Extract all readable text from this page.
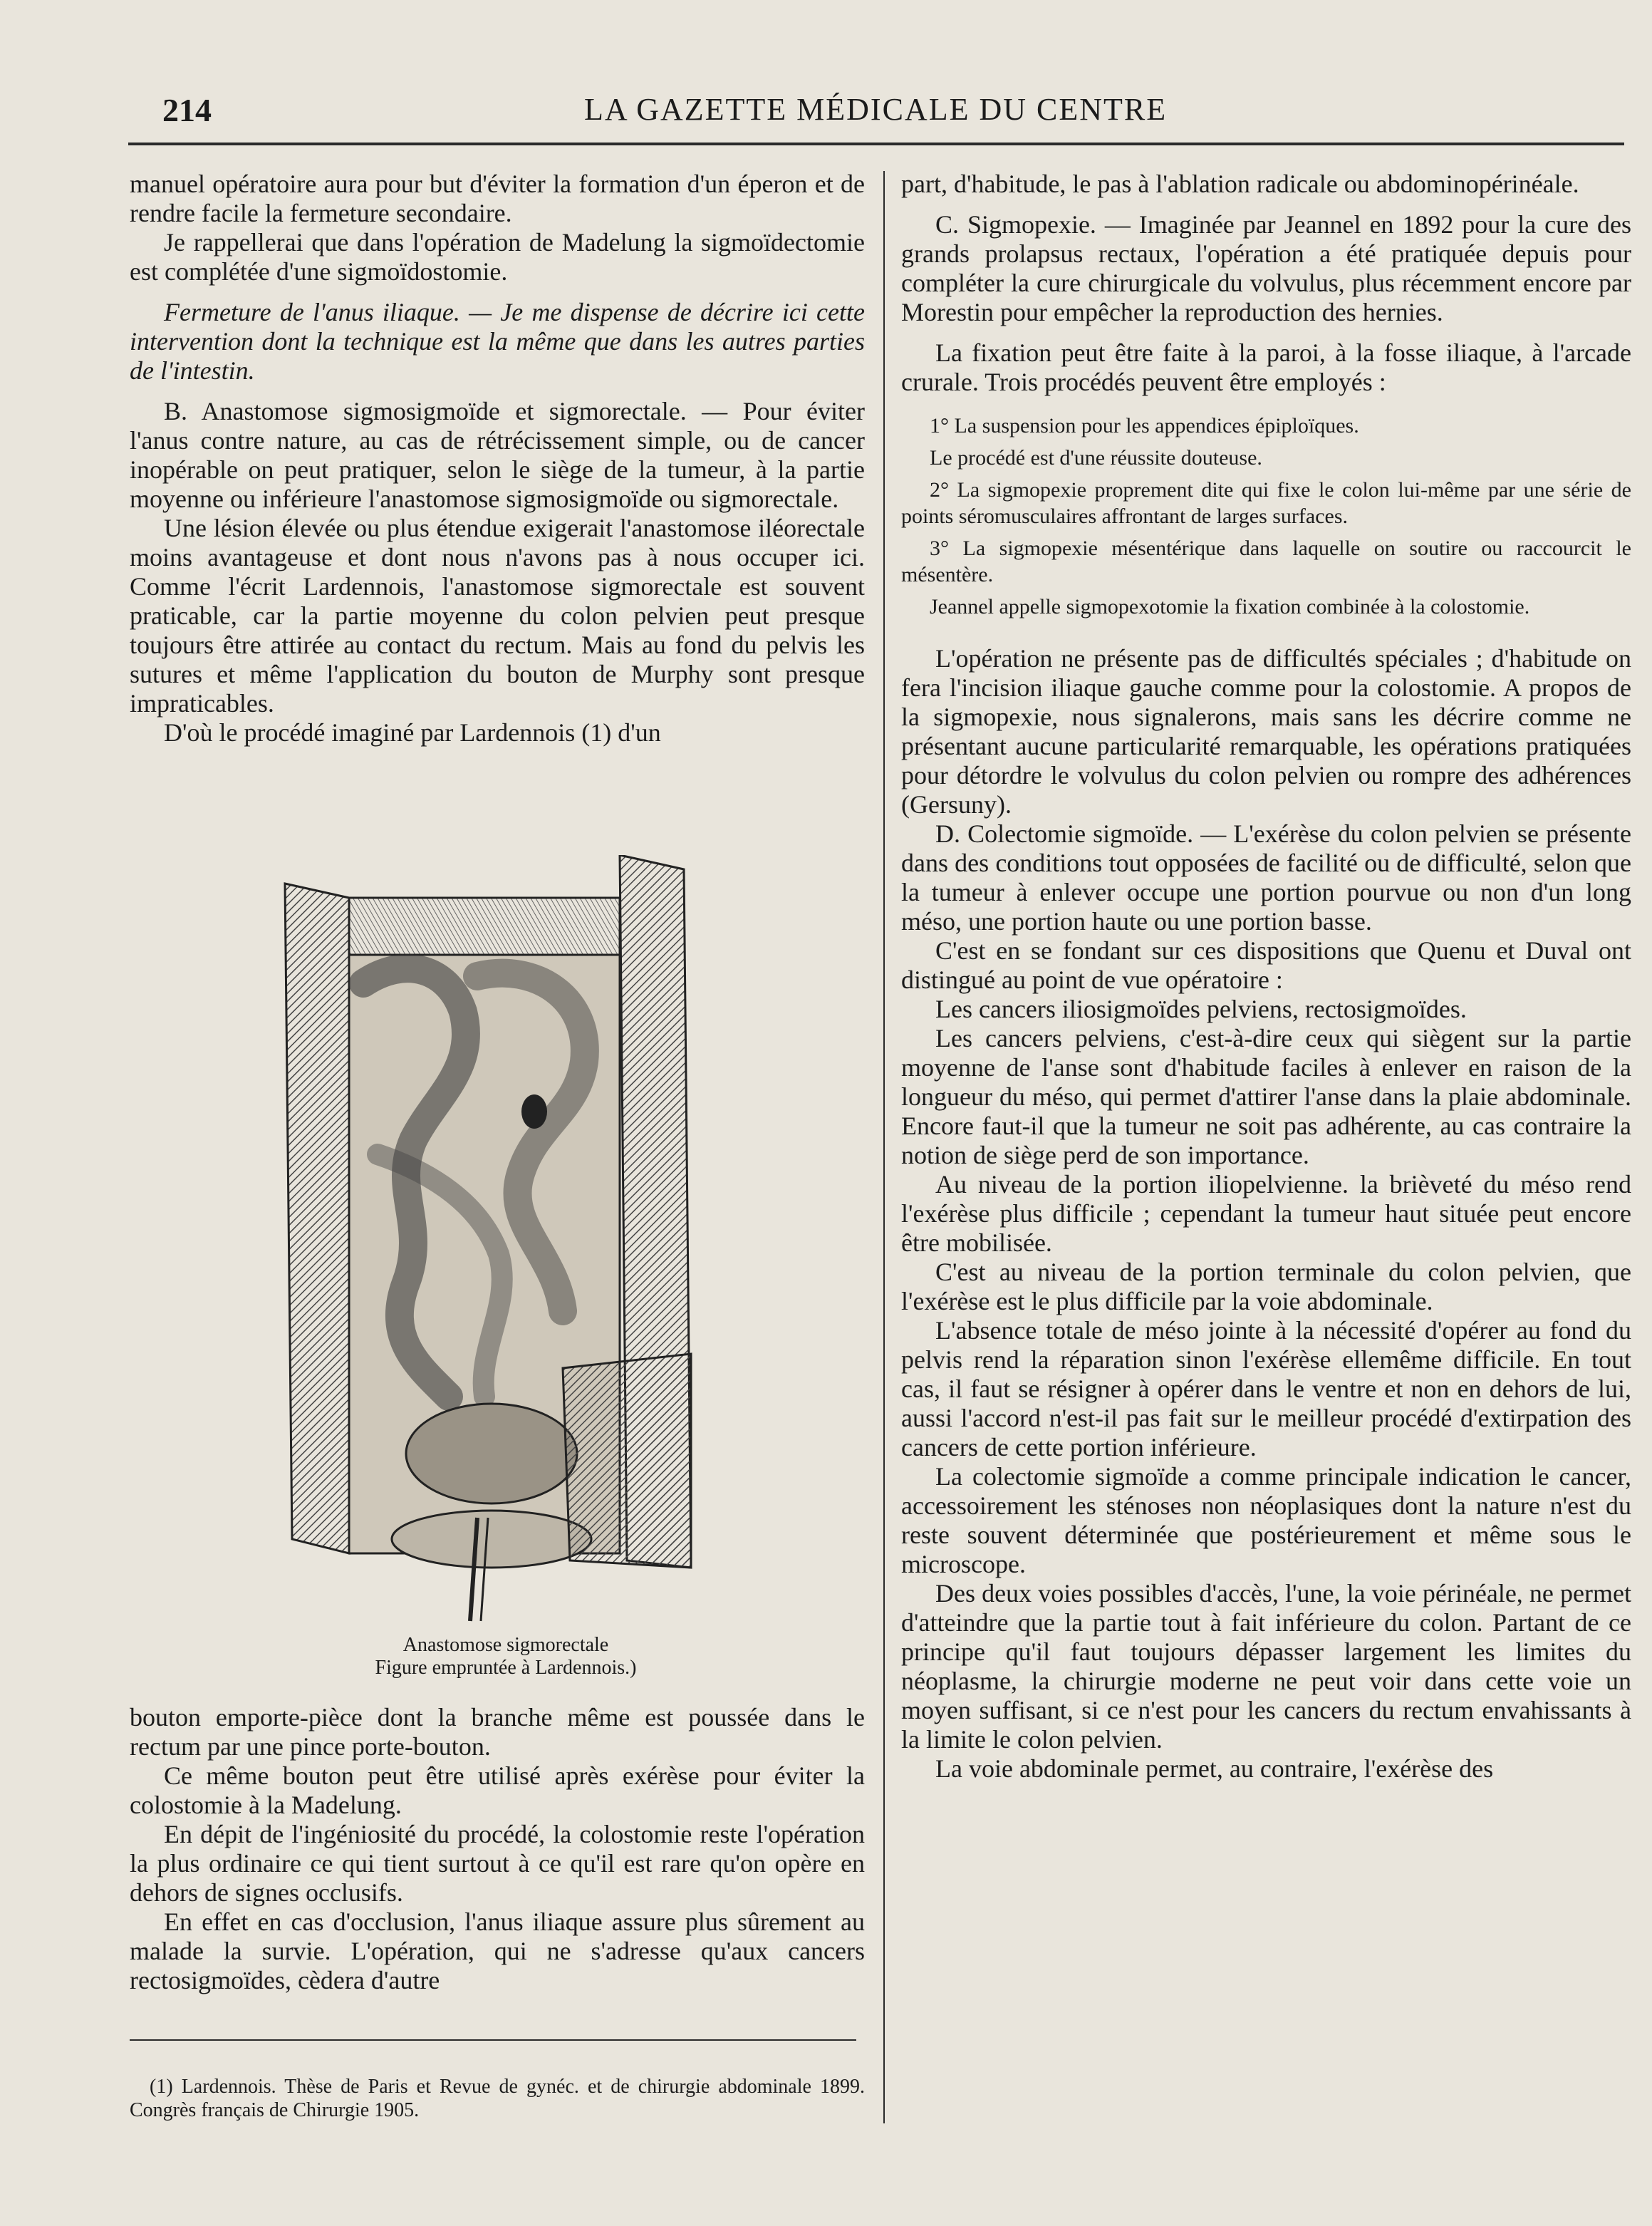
214	LA GAZETTE MÉDICALE DU CENTRE

manuel opératoire aura pour but d'éviter la formation d'un éperon et de rendre facile la fermeture secondaire.

Je rappellerai que dans l'opération de Madelung la sigmoïdectomie est complétée d'une sigmoïdostomie.

Fermeture de l'anus iliaque. — Je me dispense de décrire ici cette intervention dont la technique est la même que dans les autres parties de l'intestin.

B. Anastomose sigmosigmoïde et sigmorectale. — Pour éviter l'anus contre nature, au cas de rétrécissement simple, ou de cancer inopérable on peut pratiquer, selon le siège de la tumeur, à la partie moyenne ou inférieure l'anastomose sigmosigmoïde ou sigmorectale.

Une lésion élevée ou plus étendue exigerait l'anastomose iléorectale moins avantageuse et dont nous n'avons pas à nous occuper ici. Comme l'écrit Lardennois, l'anastomose sigmorectale est souvent praticable, car la partie moyenne du colon pelvien peut presque toujours être attirée au contact du rectum. Mais au fond du pelvis les sutures et même l'application du bouton de Murphy sont presque impraticables.

D'où le procédé imaginé par Lardennois (1) d'un

Anastomose sigmorectale
Figure empruntée à Lardennois.)

bouton emporte-pièce dont la branche même est poussée dans le rectum par une pince porte-bouton.

Ce même bouton peut être utilisé après exérèse pour éviter la colostomie à la Madelung.

En dépit de l'ingéniosité du procédé, la colostomie reste l'opération la plus ordinaire ce qui tient surtout à ce qu'il est rare qu'on opère en dehors de signes occlusifs.

En effet en cas d'occlusion, l'anus iliaque assure plus sûrement au malade la survie. L'opération, qui ne s'adresse qu'aux cancers rectosigmoïdes, cèdera d'autre

(1) Lardennois. Thèse de Paris et Revue de gynéc. et de chirurgie abdominale 1899. Congrès français de Chirurgie 1905.

part, d'habitude, le pas à l'ablation radicale ou abdominopérinéale.

C. Sigmopexie. — Imaginée par Jeannel en 1892 pour la cure des grands prolapsus rectaux, l'opération a été pratiquée depuis pour compléter la cure chirurgicale du volvulus, plus récemment encore par Morestin pour empêcher la reproduction des hernies.

La fixation peut être faite à la paroi, à la fosse iliaque, à l'arcade crurale. Trois procédés peuvent être employés :

1° La suspension pour les appendices épiploïques.

Le procédé est d'une réussite douteuse.

2° La sigmopexie proprement dite qui fixe le colon lui-même par une série de points séromusculaires affrontant de larges surfaces.

3° La sigmopexie mésentérique dans laquelle on soutire ou raccourcit le mésentère.

Jeannel appelle sigmopexotomie la fixation combinée à la colostomie.

L'opération ne présente pas de difficultés spéciales ; d'habitude on fera l'incision iliaque gauche comme pour la colostomie. A propos de la sigmopexie, nous signalerons, mais sans les décrire comme ne présentant aucune particularité remarquable, les opérations pratiquées pour détordre le volvulus du colon pelvien ou rompre des adhérences (Gersuny).

D. Colectomie sigmoïde. — L'exérèse du colon pelvien se présente dans des conditions tout opposées de facilité ou de difficulté, selon que la tumeur à enlever occupe une portion pourvue ou non d'un long méso, une portion haute ou une portion basse.

C'est en se fondant sur ces dispositions que Quenu et Duval ont distingué au point de vue opératoire :

Les cancers iliosigmoïdes pelviens, rectosigmoïdes.

Les cancers pelviens, c'est-à-dire ceux qui siègent sur la partie moyenne de l'anse sont d'habitude faciles à enlever en raison de la longueur du méso, qui permet d'attirer l'anse dans la plaie abdominale. Encore faut-il que la tumeur ne soit pas adhérente, au cas contraire la notion de siège perd de son importance.

Au niveau de la portion iliopelvienne. la brièveté du méso rend l'exérèse plus difficile ; cependant la tumeur haut située peut encore être mobilisée.

C'est au niveau de la portion terminale du colon pelvien, que l'exérèse est le plus difficile par la voie abdominale.

L'absence totale de méso jointe à la nécessité d'opérer au fond du pelvis rend la réparation sinon l'exérèse ellemême difficile. En tout cas, il faut se résigner à opérer dans le ventre et non en dehors de lui, aussi l'accord n'est-il pas fait sur le meilleur procédé d'extirpation des cancers de cette portion inférieure.

La colectomie sigmoïde a comme principale indication le cancer, accessoirement les sténoses non néoplasiques dont la nature n'est du reste souvent déterminée que postérieurement et même sous le microscope.

Des deux voies possibles d'accès, l'une, la voie périnéale, ne permet d'atteindre que la partie tout à fait inférieure du colon. Partant de ce principe qu'il faut toujours dépasser largement les limites du néoplasme, la chirurgie moderne ne peut voir dans cette voie un moyen suffisant, si ce n'est pour les cancers du rectum envahissants à la limite le colon pelvien.

La voie abdominale permet, au contraire, l'exérèse des
